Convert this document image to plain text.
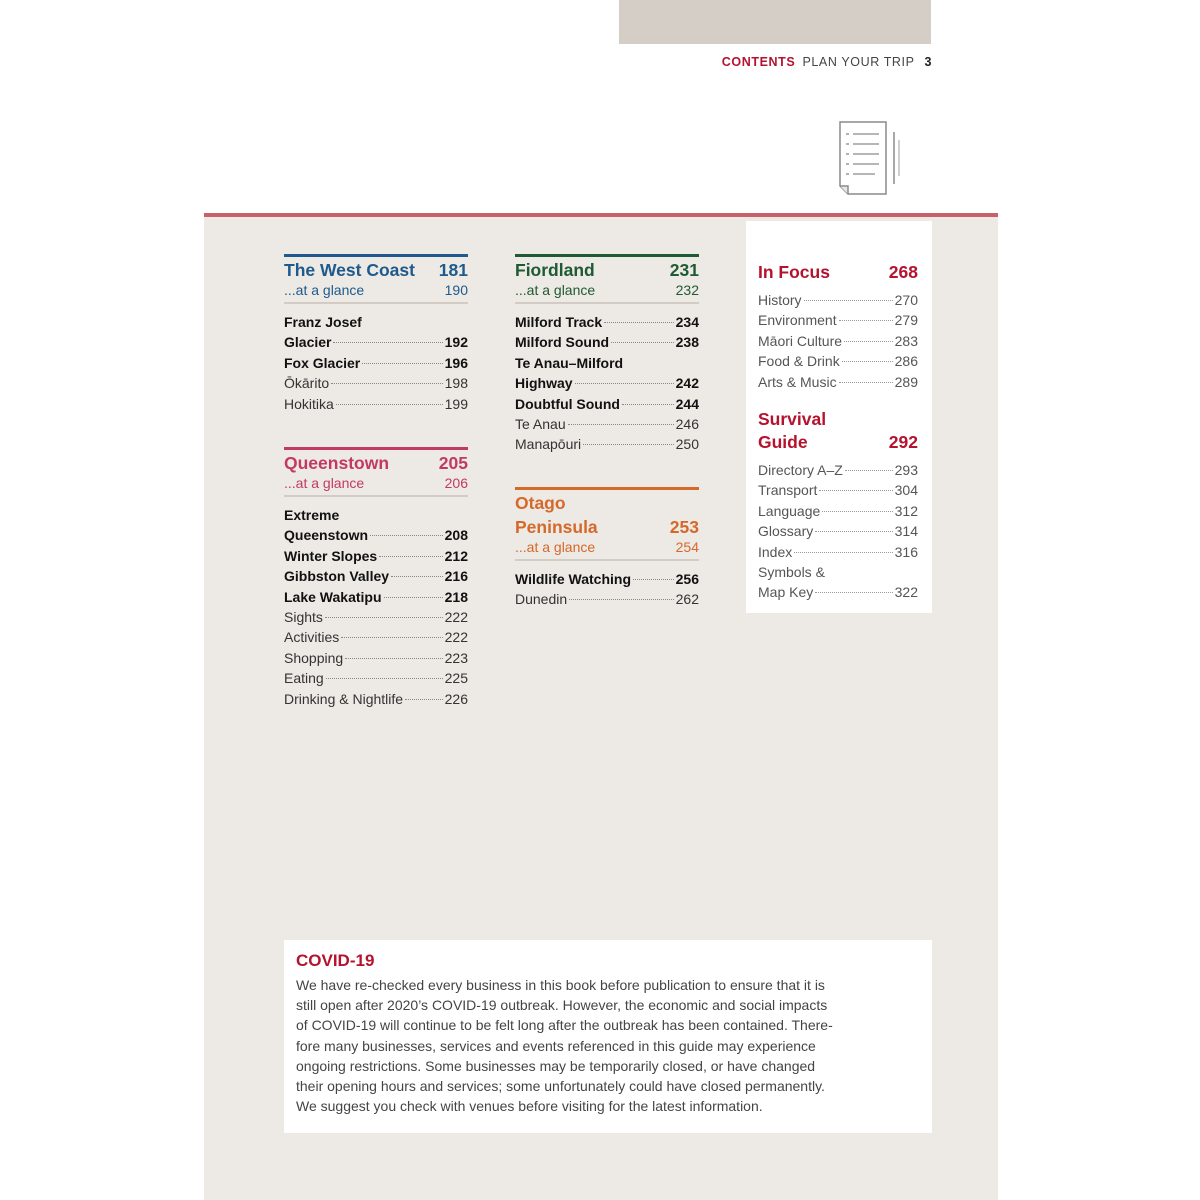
CONTENTS PLAN YOUR TRIP 3
The West Coast 181
...at a glance	190
Franz Josef
Glacier	192
Fox Glacier	196
Ōkārito	198
Hokitika	199
Queenstown	205
...at a glance	206
Extreme
Queenstown	208
Winter Slopes	212
Gibbston Valley	216
Lake Wakatipu	218
Sights	222
Activities	222
Shopping	223
Eating	225
Drinking & Nightlife	226
Fiordland	231
...at a glance	232
Milford Track	234
Milford Sound	238
Te Anau–Milford
Highway	242
Doubtful Sound	244
Te Anau	246
Manapōuri	250
Otago
Peninsula	253
...at a glance	254
Wildlife Watching	256
Dunedin	262
In Focus	268
History	270
Environment	279
Māori Culture	283
Food & Drink	286
Arts & Music	289
Survival
Guide	292
Directory A–Z	293
Transport	304
Language	312
Glossary	314
Index	316
Symbols &
Map Key	322
COVID-19
We have re-checked every business in this book before publication to ensure that it is
still open after 2020’s COVID-19 outbreak. However, the economic and social impacts
of COVID-19 will continue to be felt long after the outbreak has been contained. There-
fore many businesses, services and events referenced in this guide may experience
ongoing restrictions. Some businesses may be temporarily closed, or have changed
their opening hours and services; some unfortunately could have closed permanently.
We suggest you check with venues before visiting for the latest information.
